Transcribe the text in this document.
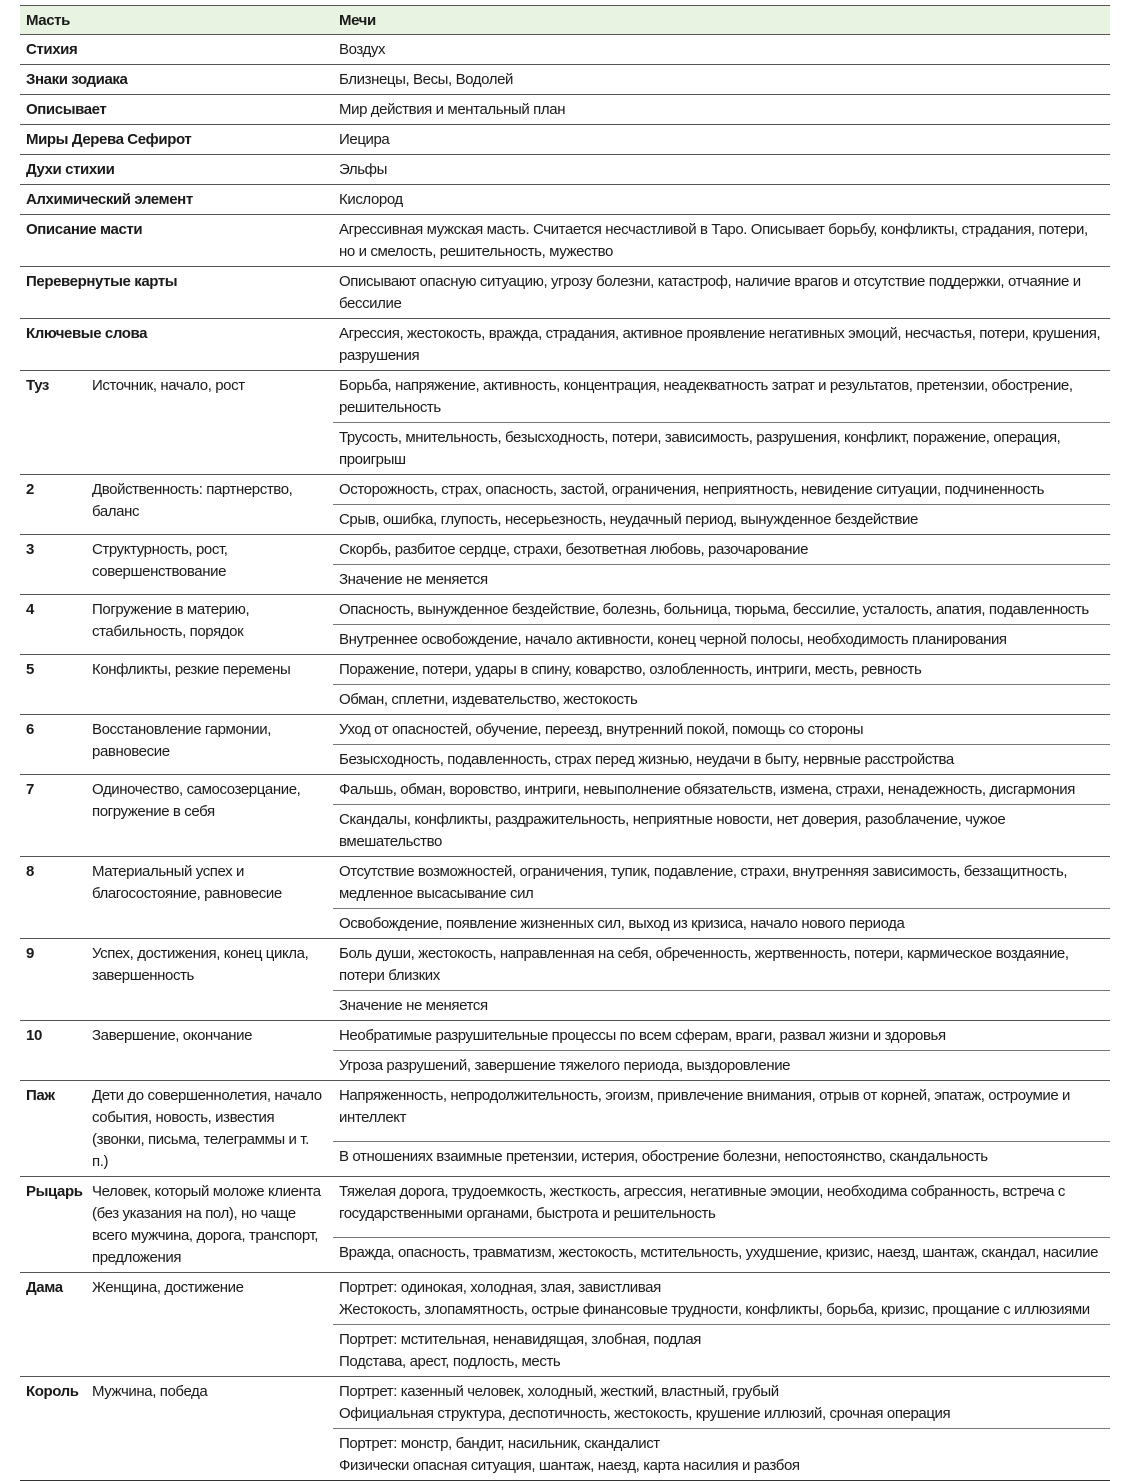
Масть		Мечи
Стихия		Воздух
Знаки зодиака		Близнецы, Весы, Водолей
Описывает		Мир действия и ментальный план
Миры Дерева Сефирот		Иецира
Духи стихии		Эльфы
Алхимический элемент		Кислород
Описание масти		Агрессивная мужская масть. Считается несчастливой в Таро. Описывает борьбу, конфликты, страдания, потери, но и смелость, решительность, мужество
Перевернутые карты		Описывают опасную ситуацию, угрозу болезни, катастроф, наличие врагов и отсутствие поддержки, отчаяние и бессилие
Ключевые слова		Агрессия, жестокость, вражда, страдания, активное проявление негативных эмоций, несчастья, потери, крушения, разрушения
Туз	Источник, начало, рост	Борьба, напряжение, активность, концентрация, неадекватность затрат и результатов, претензии, обострение, решительность
		Трусость, мнительность, безысходность, потери, зависимость, разрушения, конфликт, поражение, операция, проигрыш
2	Двойственность: партнерство, баланс	Осторожность, страх, опасность, застой, ограничения, неприятность, невидение ситуации, подчиненность
		Срыв, ошибка, глупость, несерьезность, неудачный период, вынужденное бездействие
3	Структурность, рост, совершенствование	Скорбь, разбитое сердце, страхи, безответная любовь, разочарование
		Значение не меняется
4	Погружение в материю, стабильность, порядок	Опасность, вынужденное бездействие, болезнь, больница, тюрьма, бессилие, усталость, апатия, подавленность
		Внутреннее освобождение, начало активности, конец черной полосы, необходимость планирования
5	Конфликты, резкие перемены	Поражение, потери, удары в спину, коварство, озлобленность, интриги, месть, ревность
		Обман, сплетни, издевательство, жестокость
6	Восстановление гармонии, равновесие	Уход от опасностей, обучение, переезд, внутренний покой, помощь со стороны
		Безысходность, подавленность, страх перед жизнью, неудачи в быту, нервные расстройства
7	Одиночество, самосозерцание, погружение в себя	Фальшь, обман, воровство, интриги, невыполнение обязательств, измена, страхи, ненадежность, дисгармония
		Скандалы, конфликты, раздражительность, неприятные новости, нет доверия, разоблачение, чужое вмешательство
8	Материальный успех и благосостояние, равновесие	Отсутствие возможностей, ограничения, тупик, подавление, страхи, внутренняя зависимость, беззащитность, медленное высасывание сил
		Освобождение, появление жизненных сил, выход из кризиса, начало нового периода
9	Успех, достижения, конец цикла, завершенность	Боль души, жестокость, направленная на себя, обреченность, жертвенность, потери, кармическое воздаяние, потери близких
		Значение не меняется
10	Завершение, окончание	Необратимые разрушительные процессы по всем сферам, враги, развал жизни и здоровья
		Угроза разрушений, завершение тяжелого периода, выздоровление
Паж	Дети до совершеннолетия, начало события, новость, известия (звонки, письма, телеграммы и т. п.)	Напряженность, непродолжительность, эгоизм, привлечение внимания, отрыв от корней, эпатаж, остроумие и интеллект
		В отношениях взаимные претензии, истерия, обострение болезни, непостоянство, скандальность
Рыцарь	Человек, который моложе клиента (без указания на пол), но чаще всего мужчина, дорога, транспорт, предложения	Тяжелая дорога, трудоемкость, жесткость, агрессия, негативные эмоции, необходима собранность, встреча с государственными органами, быстрота и решительность
		Вражда, опасность, травматизм, жестокость, мстительность, ухудшение, кризис, наезд, шантаж, скандал, насилие
Дама	Женщина, достижение	Портрет: одинокая, холодная, злая, завистливая
Жестокость, злопамятность, острые финансовые трудности, конфликты, борьба, кризис, прощание с иллюзиями

		Портрет: мстительная, ненавидящая, злобная, подлая
Подстава, арест, подлость, месть

Король	Мужчина, победа	Портрет: казенный человек, холодный, жесткий, властный, грубый
Официальная структура, деспотичность, жестокость, крушение иллюзий, срочная операция

		Портрет: монстр, бандит, насильник, скандалист
Физически опасная ситуация, шантаж, наезд, карта насилия и разбоя
